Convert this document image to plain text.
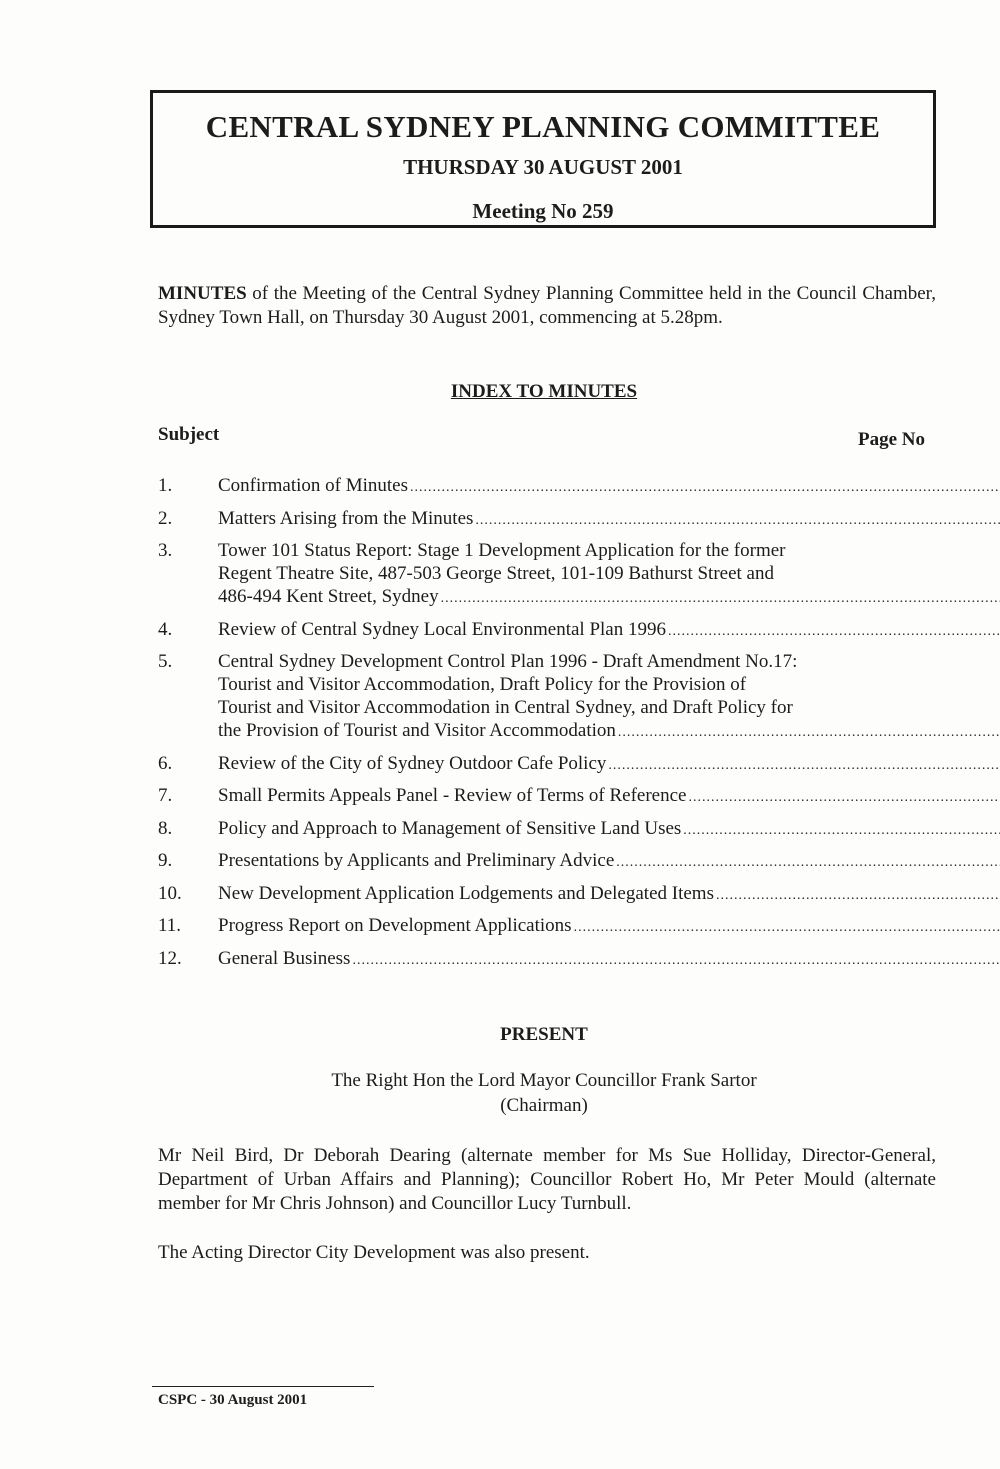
CENTRAL SYDNEY PLANNING COMMITTEE
THURSDAY 30 AUGUST 2001
Meeting No 259
MINUTES of the Meeting of the Central Sydney Planning Committee held in the Council Chamber, Sydney Town Hall, on Thursday 30 August 2001, commencing at 5.28pm.
INDEX TO MINUTES
Subject	Page No
1.	Confirmation of Minutes
.....
2.	Matters Arising from the Minutes
.....
3.	Tower 101 Status Report: Stage 1 Development Application for the former
Regent Theatre Site, 487-503 George Street, 101-109 Bathurst Street and
486-494 Kent Street, Sydney
.....
4.	Review of Central Sydney Local Environmental Plan 1996
.....
5.	Central Sydney Development Control Plan 1996 - Draft Amendment No.17:
Tourist and Visitor Accommodation, Draft Policy for the Provision of
Tourist and Visitor Accommodation in Central Sydney, and Draft Policy for
the Provision of Tourist and Visitor Accommodation
.....
6.	Review of the City of Sydney Outdoor Cafe Policy
.....
7.	Small Permits Appeals Panel - Review of Terms of Reference
.....
8.	Policy and Approach to Management of Sensitive Land Uses
.....
9.	Presentations by Applicants and Preliminary Advice
.....
10.	New Development Application Lodgements and Delegated Items
.....
11.	Progress Report on Development Applications
.....
12.	General Business
.....
PRESENT
The Right Hon the Lord Mayor Councillor Frank Sartor
(Chairman)
Mr Neil Bird, Dr Deborah Dearing (alternate member for Ms Sue Holliday, Director-General, Department of Urban Affairs and Planning); Councillor Robert Ho, Mr Peter Mould (alternate member for Mr Chris Johnson) and Councillor Lucy Turnbull.
The Acting Director City Development was also present.
CSPC - 30 August 2001
